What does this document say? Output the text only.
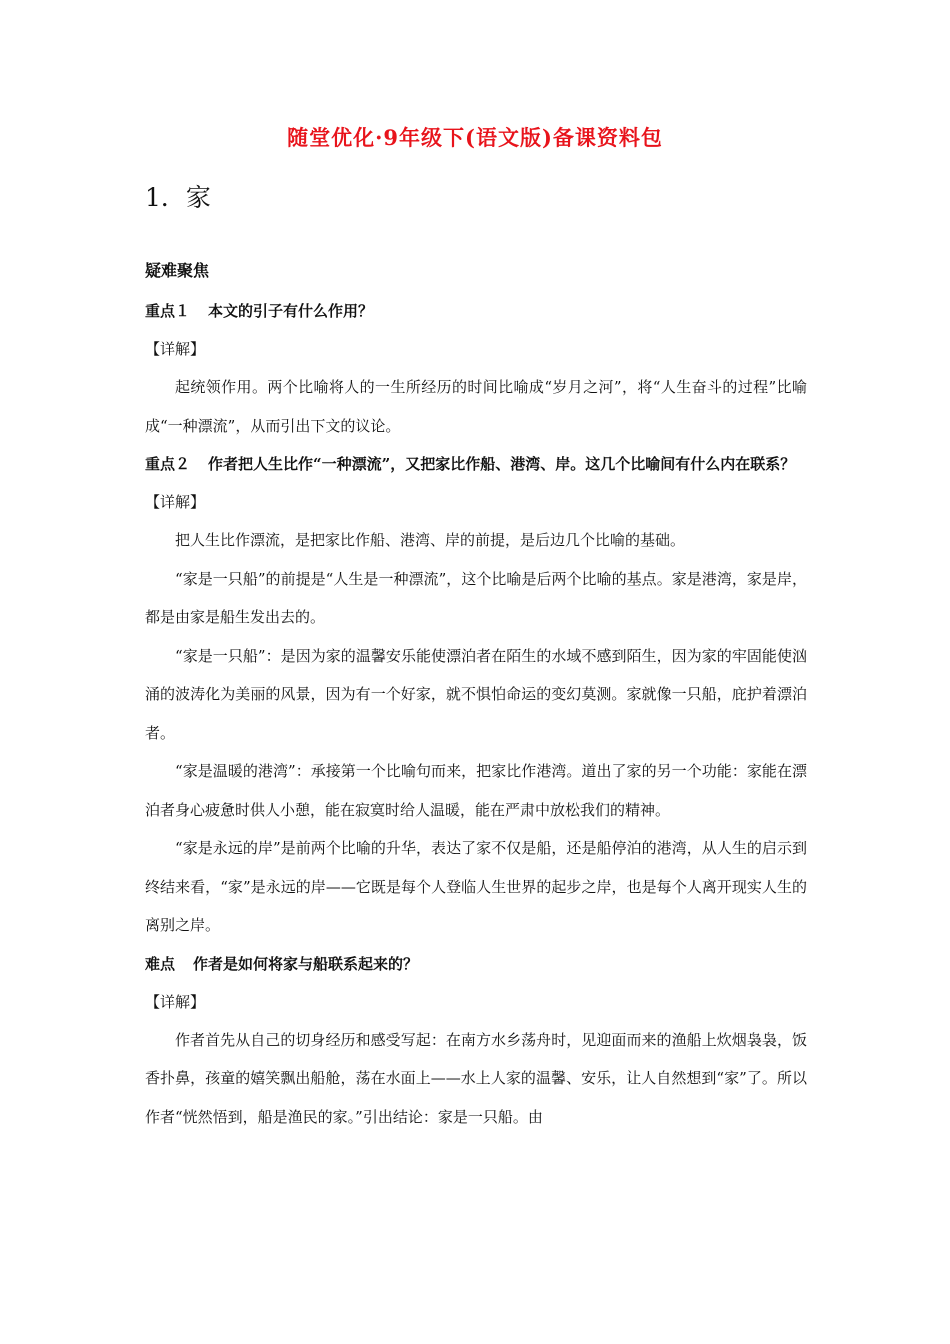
随堂优化·9年级下(语文版)备课资料包
1．家
疑难聚焦

重点１ 本文的引子有什么作用？

【详解】

起统领作用。两个比喻将人的一生所经历的时间比喻成“岁月之河”，将“人生奋斗的过程”比喻成“一种漂流”，从而引出下文的议论。

重点２ 作者把人生比作“一种漂流”，又把家比作船、港湾、岸。这几个比喻间有什么内在联系？

【详解】

把人生比作漂流，是把家比作船、港湾、岸的前提，是后边几个比喻的基础。

“家是一只船”的前提是“人生是一种漂流”，这个比喻是后两个比喻的基点。家是港湾，家是岸，都是由家是船生发出去的。

“家是一只船”：是因为家的温馨安乐能使漂泊者在陌生的水域不感到陌生，因为家的牢固能使汹涌的波涛化为美丽的风景，因为有一个好家，就不惧怕命运的变幻莫测。家就像一只船，庇护着漂泊者。

“家是温暖的港湾”：承接第一个比喻句而来，把家比作港湾。道出了家的另一个功能：家能在漂泊者身心疲惫时供人小憩，能在寂寞时给人温暖，能在严肃中放松我们的精神。

“家是永远的岸”是前两个比喻的升华，表达了家不仅是船，还是船停泊的港湾，从人生的启示到终结来看，“家”是永远的岸——它既是每个人登临人生世界的起步之岸，也是每个人离开现实人生的离别之岸。

难点 作者是如何将家与船联系起来的？

【详解】

作者首先从自己的切身经历和感受写起：在南方水乡荡舟时，见迎面而来的渔船上炊烟袅袅，饭香扑鼻，孩童的嬉笑飘出船舱，荡在水面上——水上人家的温馨、安乐，让人自然想到“家”了。所以作者“恍然悟到，船是渔民的家。”引出结论：家是一只船。由
